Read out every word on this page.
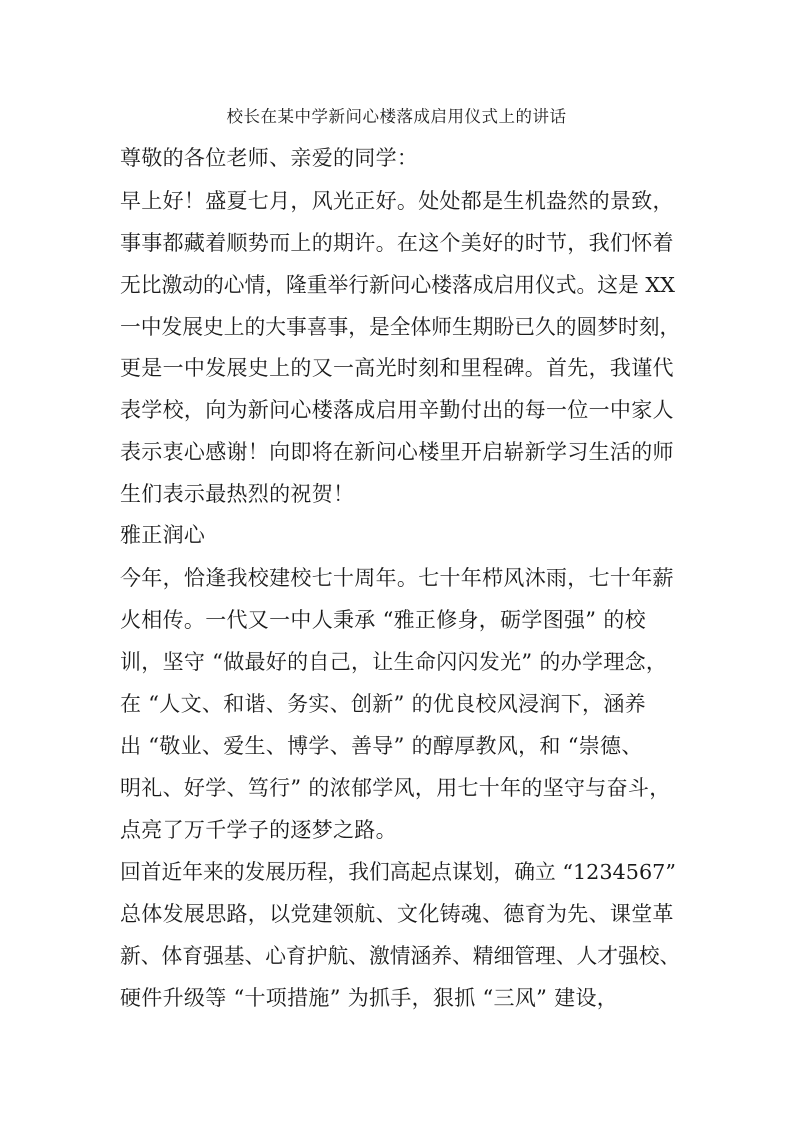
校长在某中学新问心楼落成启用仪式上的讲话
尊敬的各位老师、亲爱的同学：
早上好！盛夏七月，风光正好。处处都是生机盎然的景致，
事事都藏着顺势而上的期许。在这个美好的时节，我们怀着
无比激动的心情，隆重举行新问心楼落成启用仪式。这是 XX
一中发展史上的大事喜事，是全体师生期盼已久的圆梦时刻，
更是一中发展史上的又一高光时刻和里程碑。首先，我谨代
表学校，向为新问心楼落成启用辛勤付出的每一位一中家人
表示衷心感谢！向即将在新问心楼里开启崭新学习生活的师
生们表示最热烈的祝贺！
雅正润心
今年，恰逢我校建校七十周年。七十年栉风沐雨，七十年薪
火相传。一代又一中人秉承 “雅正修身，砺学图强” 的校
训，坚守 “做最好的自己，让生命闪闪发光” 的办学理念，
在 “人文、和谐、务实、创新” 的优良校风浸润下，涵养
出 “敬业、爱生、博学、善导” 的醇厚教风，和 “崇德、
明礼、好学、笃行” 的浓郁学风，用七十年的坚守与奋斗，
点亮了万千学子的逐梦之路。
回首近年来的发展历程，我们高起点谋划，确立 “1234567”
总体发展思路，以党建领航、文化铸魂、德育为先、课堂革
新、体育强基、心育护航、激情涵养、精细管理、人才强校、
硬件升级等 “十项措施” 为抓手，狠抓 “三风” 建设，
